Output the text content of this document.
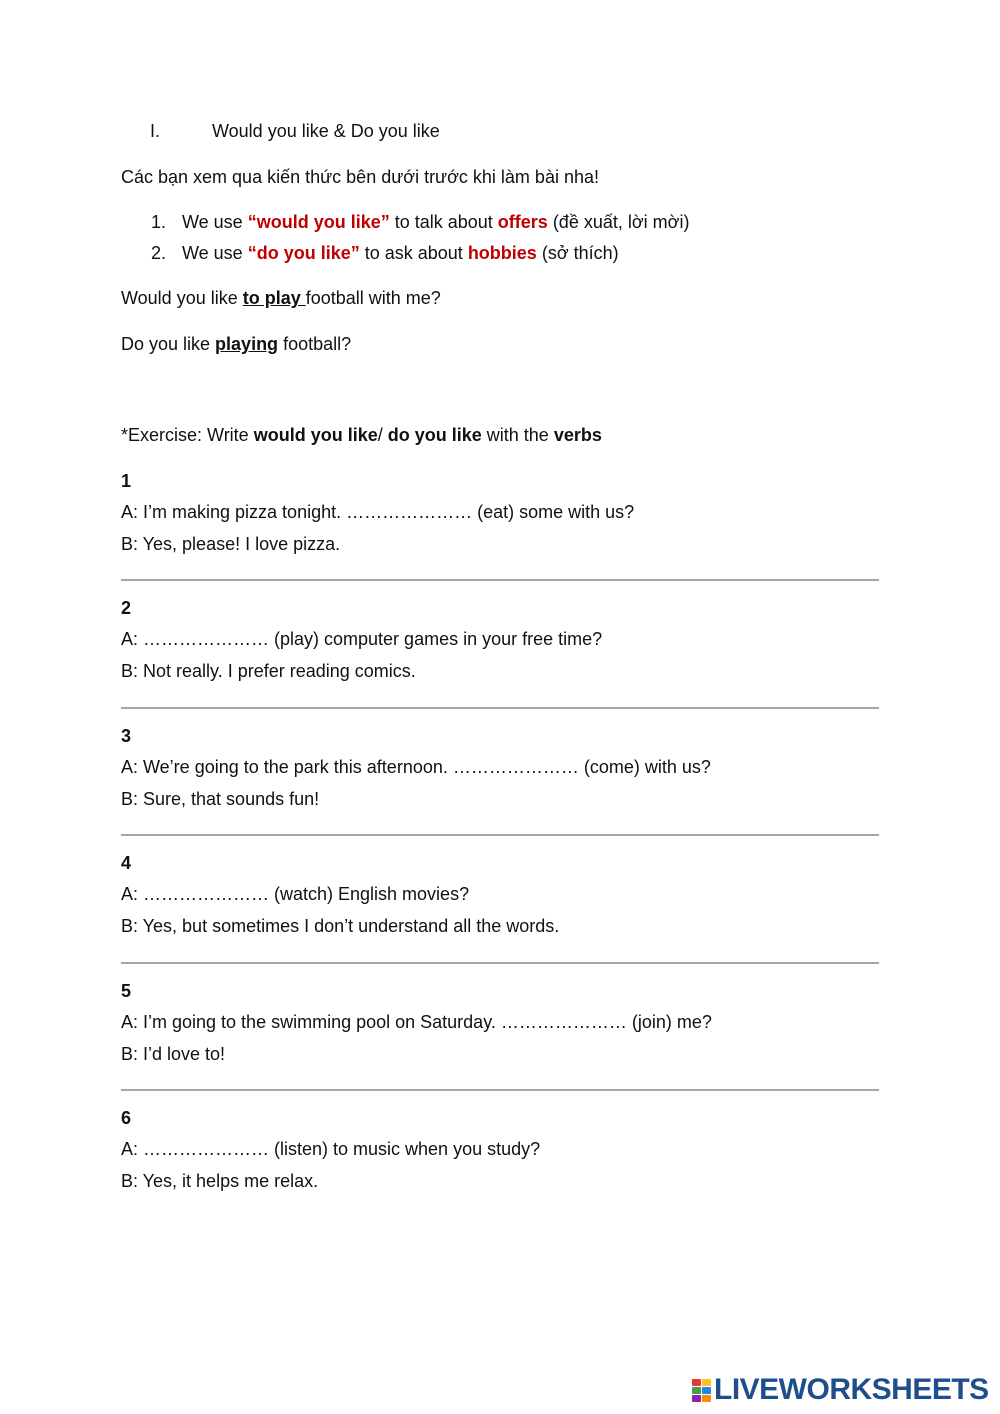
I.	Would you like & Do you like
Các bạn xem qua kiến thức bên dưới trước khi làm bài nha!
1. We use “would you like” to talk about offers (đề xuất, lời mời)
2. We use “do you like” to ask about hobbies (sở thích)
Would you like to play football with me?
Do you like playing football?
*Exercise: Write would you like/ do you like with the verbs
1
A: I’m making pizza tonight. ………………… (eat) some with us?
B: Yes, please! I love pizza.
2
A: ………………… (play) computer games in your free time?
B: Not really. I prefer reading comics.
3
A: We’re going to the park this afternoon. ………………… (come) with us?
B: Sure, that sounds fun!
4
A: ………………… (watch) English movies?
B: Yes, but sometimes I don’t understand all the words.
5
A: I’m going to the swimming pool on Saturday. ………………… (join) me?
B: I’d love to!
6
A: ………………… (listen) to music when you study?
B: Yes, it helps me relax.
LIVEWORKSHEETS
